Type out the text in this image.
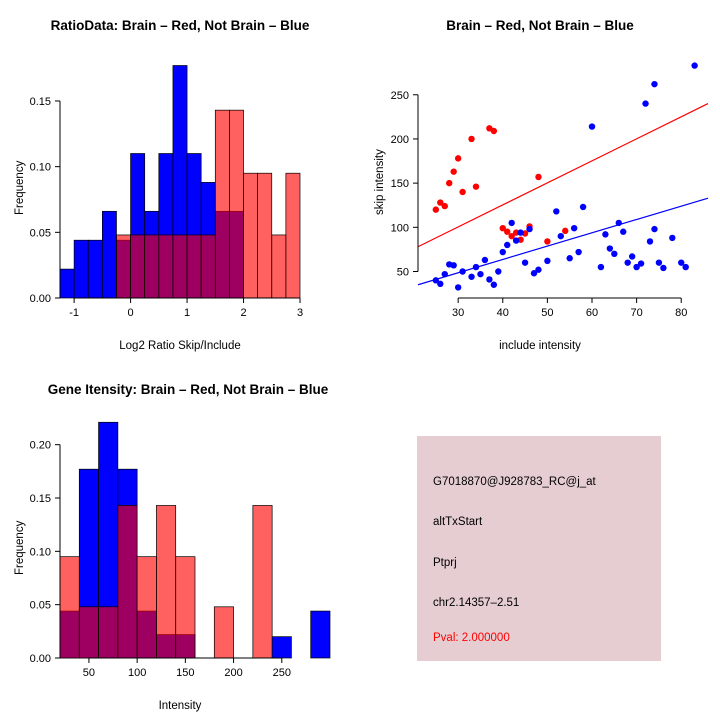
RatioData: Brain – Red, Not Brain – Blue
Frequency
Log2 Ratio Skip/Include
-1	0	1	2	3
0.00
0.05
0.10
0.15
Brain – Red, Not Brain – Blue
skip intensity
include intensity
30	40	50	60	70	80
50
100
150
200
250
Gene Itensity: Brain – Red, Not Brain – Blue
Frequency
Intensity
50	100	150	200	250
0.00
0.05
0.10
0.15
0.20
G7018870@J928783_RC@j_at
altTxStart
Ptprj
chr2.14357–2.51
Pval: 2.000000
